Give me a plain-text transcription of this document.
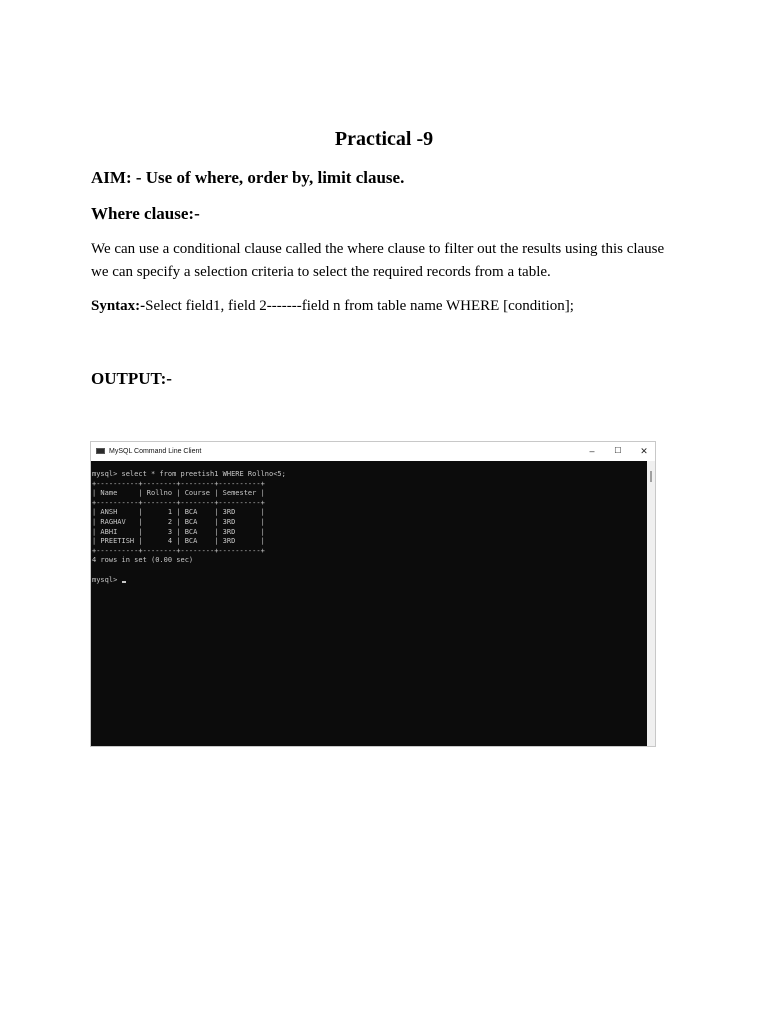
Practical -9
AIM: - Use of where, order by, limit clause.
Where clause:-
We can use a conditional clause called the where clause to filter out the results using this clause we can specify a selection criteria to select the required records from a table.
Syntax:-Select field1, field 2-------field n from table name WHERE [condition];
OUTPUT:-
MySQL Command Line Client	–	☐	✕
mysql> select * from preetish1 WHERE Rollno<5;
+----------+--------+--------+----------+
| Name     | Rollno | Course | Semester |
+----------+--------+--------+----------+
| ANSH     |      1 | BCA    | 3RD      |
| RAGHAV   |      2 | BCA    | 3RD      |
| ABHI     |      3 | BCA    | 3RD      |
| PREETISH |      4 | BCA    | 3RD      |
+----------+--------+--------+----------+
4 rows in set (0.00 sec)
mysql>
